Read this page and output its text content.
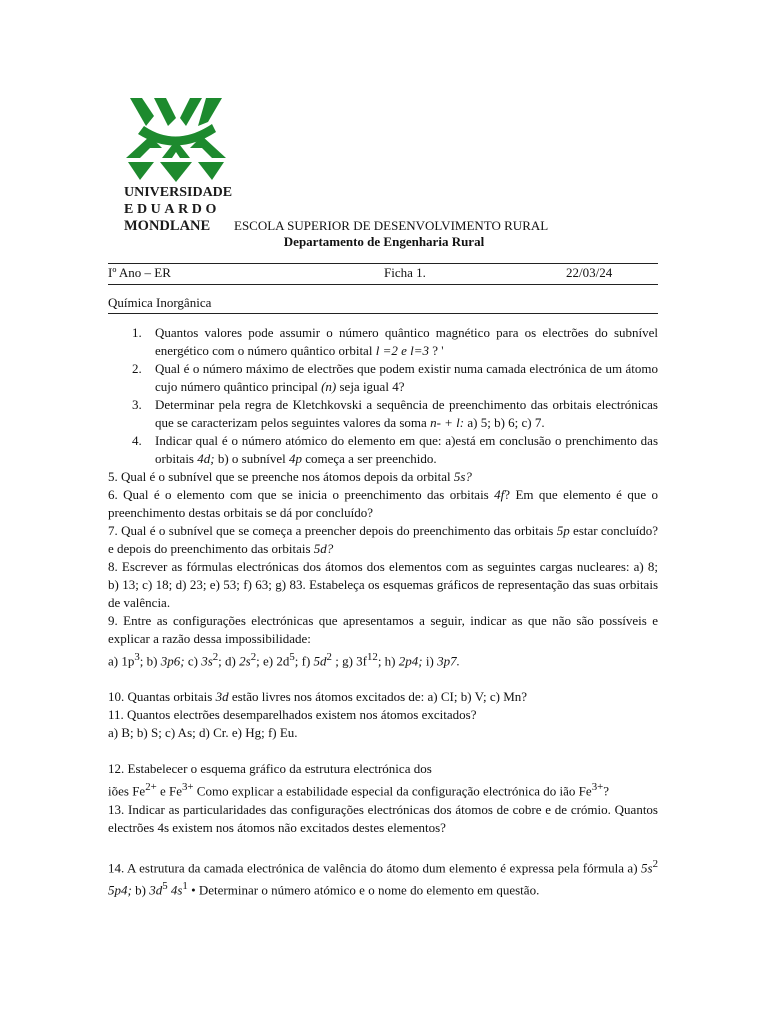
UNIVERSIDADE
EDUARDO
MONDLANE	ESCOLA SUPERIOR DE DESENVOLVIMENTO RURAL
Departamento de Engenharia Rural
Iº Ano – ER	Ficha 1.	22/03/24
Química Inorgânica
1. Quantos valores pode assumir o número quântico magnético para os electrões do subnível energético com o número quântico orbital l =2 e l=3 ? '
2. Qual é o número máximo de electrões que podem existir numa camada electrónica de um átomo cujo número quântico principal (n) seja igual 4?
3. Determinar pela regra de Kletchkovski a sequência de preenchimento das orbitais electrónicas que se caracterizam pelos seguintes valores da soma n- + l: a) 5; b) 6; c) 7.
4. Indicar qual é o número atómico do elemento em que: a)está em conclusão o prenchimento das orbitais 4d; b) o subnível 4p começa a ser preenchido.

5. Qual é o subnível que se preenche nos átomos depois da orbital 5s?

6. Qual é o elemento com que se inicia o preenchimento das orbitais 4f? Em que elemento é que o preenchimento destas orbitais se dá por concluído?

7. Qual é o subnível que se começa a preencher depois do preenchimento das orbitais 5p estar concluído? e depois do preenchimento das orbitais 5d?

8. Escrever as fórmulas electrónicas dos átomos dos elementos com as seguintes cargas nucleares: a) 8; b) 13; c) 18; d) 23; e) 53; f) 63; g) 83. Estabeleça os esquemas gráficos de representação das suas orbitais de valência.

9. Entre as configurações electrónicas que apresentamos a seguir, indicar as que não são possíveis e explicar a razão dessa impossibilidade:

a) $1p^3$; b) 3p6; c) $3s^2$; d) $2s^2$; e) $2d^5$; f) $5d^2$ ; g) $3f^{12}$; h) 2p4; i) 3p7.

10. Quantas orbitais 3d estão livres nos átomos excitados de: a) CI; b) V; c) Mn?

11. Quantos electrões desemparelhados existem nos átomos excitados?

a) B; b) S; c) As; d) Cr. e) Hg; f) Eu.

12. Estabelecer o esquema gráfico da estrutura electrónica dos

iões $Fe^{2+}$ e $Fe^{3+}$ Como explicar a estabilidade especial da configuração electrónica do ião $Fe^{3+}$?

13. Indicar as particularidades das configurações electrónicas dos átomos de cobre e de crómio. Quantos electrões 4s existem nos átomos não excitados destes elementos?

14. A estrutura da camada electrónica de valência do átomo dum elemento é expressa pela fórmula a) $5s^2$ 5p4; b) $3d^5$ $4s^1$ • Determinar o número atómico e o nome do elemento em questão.
